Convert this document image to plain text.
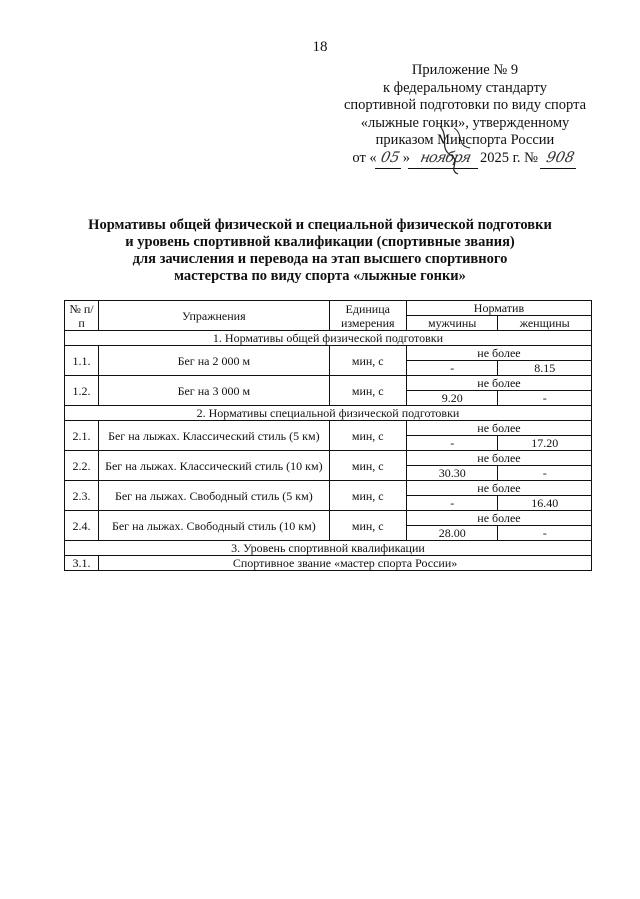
18
Приложение № 9
к федеральному стандарту
спортивной подготовки по виду спорта
«лыжные гонки», утвержденному
приказом Минспорта России
от « 05 » ноября 2025 г. № 908
Нормативы общей физической и специальной физической подготовки
и уровень спортивной квалификации (спортивные звания)
для зачисления и перевода на этап высшего спортивного
мастерства по виду спорта «лыжные гонки»
№ п/п	Упражнения	Единица измерения	Норматив	
			мужчины	женщины
1. Нормативы общей физической подготовки				
1.1.	Бег на 2 000 м	мин, с	не более	
			-	8.15
1.2.	Бег на 3 000 м	мин, с	не более	
			9.20	-
2. Нормативы специальной физической подготовки				
2.1.	Бег на лыжах. Классический стиль (5 км)	мин, с	не более	
			-	17.20
2.2.	Бег на лыжах. Классический стиль (10 км)	мин, с	не более	
			30.30	-
2.3.	Бег на лыжах. Свободный стиль (5 км)	мин, с	не более	
			-	16.40
2.4.	Бег на лыжах. Свободный стиль (10 км)	мин, с	не более	
			28.00	-
3. Уровень спортивной квалификации				
3.1.	Спортивное звание «мастер спорта России»			
